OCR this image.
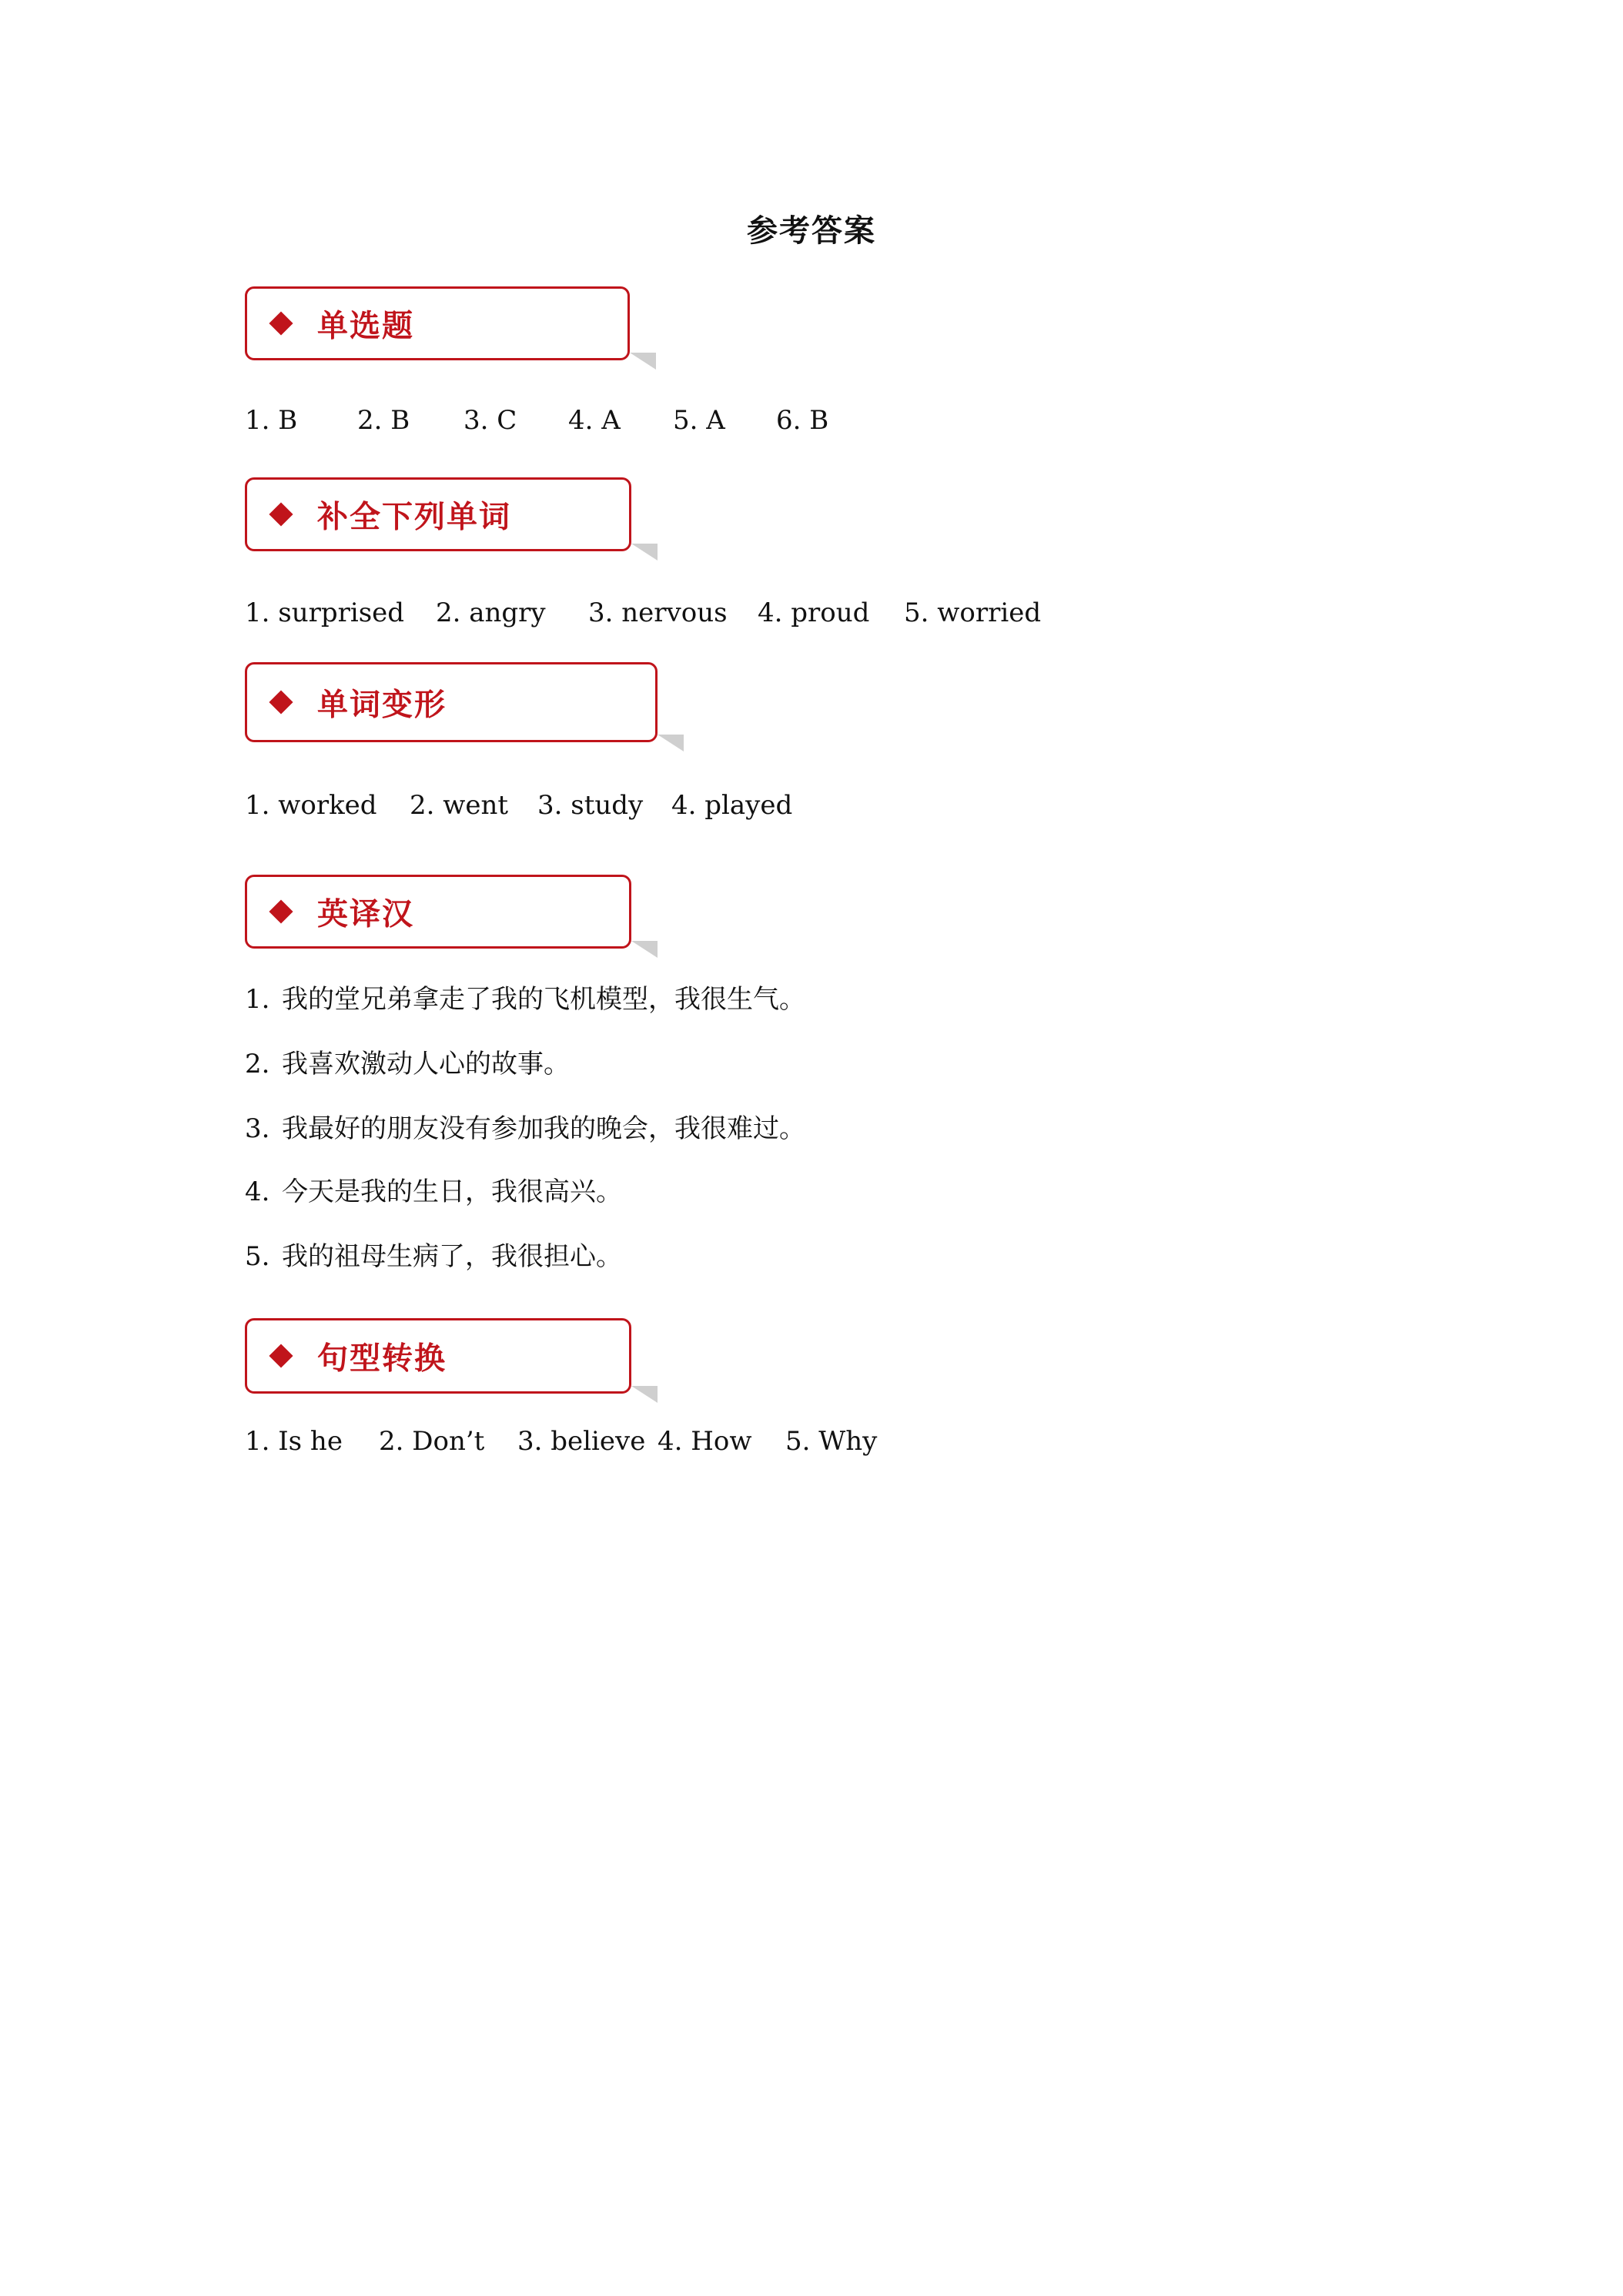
参考答案
单选题
1. B 2. B 3. C 4. A 5. A 6. B
补全下列单词
1. surprised 2. angry 3. nervous 4. proud 5. worried
单词变形
1. worked 2. went 3. study 4. played
英译汉
1. 我的堂兄弟拿走了我的飞机模型，我很生气。
2. 我喜欢激动人心的故事。
3. 我最好的朋友没有参加我的晚会，我很难过。
4. 今天是我的生日，我很高兴。
5. 我的祖母生病了，我很担心。
句型转换
1. Is he 2. Don’t 3. believe 4. How 5. Why
